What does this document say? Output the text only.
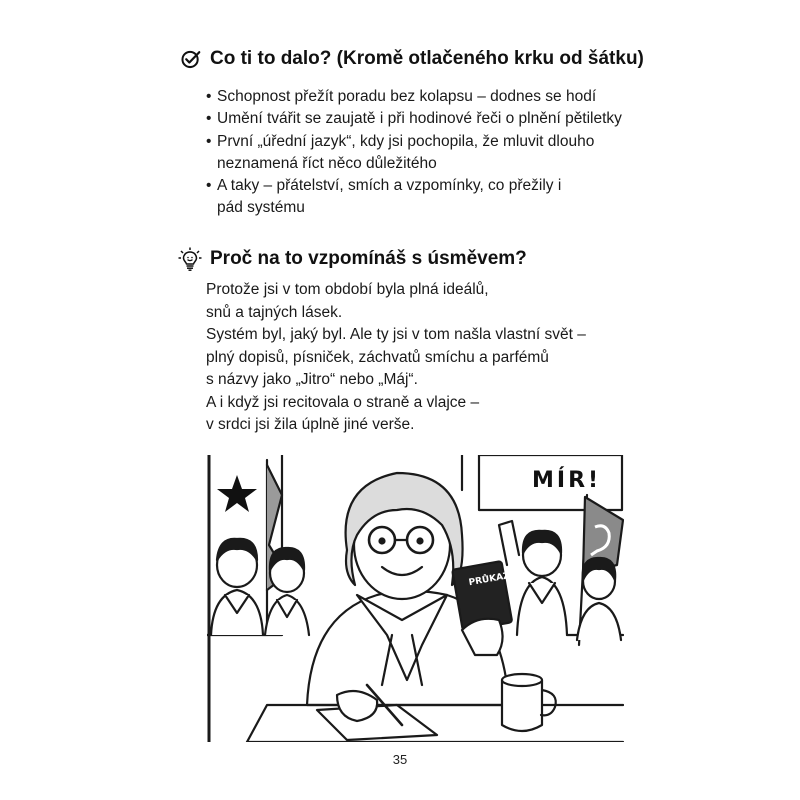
Co ti to dalo? (Kromě otlačeného krku od šátku)
• Schopnost přežít poradu bez kolapsu – dodnes se hodí
• Umění tvářit se zaujatě i při hodinové řeči o plnění pětiletky
• První „úřední jazyk“, kdy jsi pochopila, že mluvit dlouho neznamená říct něco důležitého
• A taky – přátelství, smích a vzpomínky, co přežily i pád systému
Proč na to vzpomínáš s úsměvem?
Protože jsi v tom období byla plná ideálů,
snů a tajných lásek.
Systém byl, jaký byl. Ale ty jsi v tom našla vlastní svět –
plný dopisů, písniček, záchvatů smíchu a parfémů
s názvy jako „Jitro“ nebo „Máj“.
A i když jsi recitovala o straně a vlajce –
v srdci jsi žila úplně jiné verše.
MÍR!
PRŮKAZ
35
